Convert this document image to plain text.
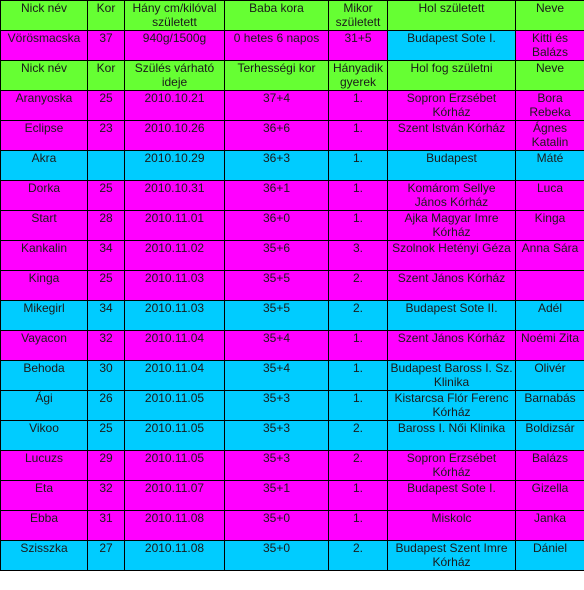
Nick név	Kor	Hány cm/kilóval született	Baba kora	Mikor született	Hol született	Neve

Vörösmacska	37	940g/1500g	0 hetes 6 napos	31+5	Budapest Sote I.	Kitti és Balázs

Nick név	Kor	Szülés várható ideje	Terhességi kor	Hányadik gyerek	Hol fog születni	Neve

Aranyoska	25	2010.10.21	37+4	1.	Sopron Erzsébet Kórház	Bora Rebeka

Eclipse	23	2010.10.26	36+6	1.	Szent István Kórház	Ágnes Katalin

Akra		2010.10.29	36+3	1.	Budapest	Máté

Dorka	25	2010.10.31	36+1	1.	Komárom Sellye János Kórház	Luca

Start	28	2010.11.01	36+0	1.	Ajka Magyar Imre Kórház	Kinga

Kankalin	34	2010.11.02	35+6	3.	Szolnok Hetényi Géza	Anna Sára

Kinga	25	2010.11.03	35+5	2.	Szent János Kórház	

Mikegirl	34	2010.11.03	35+5	2.	Budapest Sote II.	Adél

Vayacon	32	2010.11.04	35+4	1.	Szent János Kórház	Noémi Zita

Behoda	30	2010.11.04	35+4	1.	Budapest Baross I. Sz. Klinika	Olivér

Ági	26	2010.11.05	35+3	1.	Kistarcsa Flór Ferenc Kórház	Barnabás

Vikoo	25	2010.11.05	35+3	2.	Baross I. Női Klinika	Boldizsár

Lucuzs	29	2010.11.05	35+3	2.	Sopron Erzsébet Kórház	Balázs

Eta	32	2010.11.07	35+1	1.	Budapest Sote I.	Gizella

Ebba	31	2010.11.08	35+0	1.	Miskolc	Janka

Szisszka	27	2010.11.08	35+0	2.	Budapest Szent Imre Kórház	Dániel
